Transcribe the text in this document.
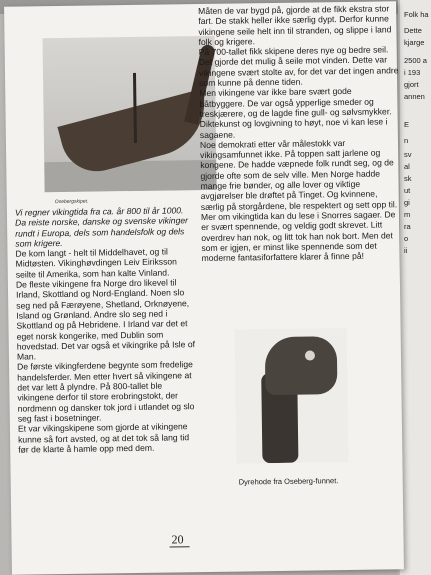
Folk ha
Dette
kjarge
2500 a
i 193
gjort
annen
E
n
sv
al
sk
ut
gi
m
ra
o
ii
Osebergskipet.

Vi regner vikingtida fra ca. år 800 til år 1000. Da reiste norske, danske og svenske vikinger rundt i Europa, dels som handelsfolk og dels som krigere.

De kom langt - helt til Middelhavet, og til Midtøsten. Vikinghøvdingen Leiv Eiriksson seilte til Amerika, som han kalte Vinland.

De fleste vikingene fra Norge dro likevel til Irland, Skottland og Nord-England. Noen slo seg ned på Færøyene, Shetland, Orknøyene, Island og Grønland. Andre slo seg ned i Skottland og på Hebridene. I Irland var det et eget norsk kongerike, med Dublin som hovedstad. Det var også et vikingrike på Isle of Man.

De første vikingferdene begynte som fredelige handelsferder. Men etter hvert så vikingene at det var lett å plyndre. På 800-tallet ble vikingene derfor til store erobringstokt, der nordmenn og dansker tok jord i utlandet og slo seg fast i bosetninger.

Et var vikingskipene som gjorde at vikingene kunne så fort avsted, og at det tok så lang tid før de klarte å hamle opp med dem.

Måten de var bygd på, gjorde at de fikk ekstra stor fart. De stakk heller ikke særlig dypt. Derfor kunne vikingene seile helt inn til stranden, og slippe i land folk og krigere.

På 700-tallet fikk skipene deres nye og bedre seil. Det gjorde det mulig å seile mot vinden. Dette var vikingene svært stolte av, for det var det ingen andre som kunne på denne tiden.

Men vikingene var ikke bare svært gode båtbyggere. De var også ypperlige smeder og treskjærere, og de lagde fine gull- og sølvsmykker. Diktekunst og lovgivning to høyt, noe vi kan lese i sagaene.

Noe demokrati etter vår målestokk var vikingsamfunnet ikke. På toppen satt jarlene og kongene. De hadde væpnede folk rundt seg, og de gjorde ofte som de selv ville. Men Norge hadde mange frie bønder, og alle lover og viktige avgjørelser ble drøftet på Tinget. Og kvinnene, særlig på storgårdene, ble respektert og sett opp til.

Mer om vikingtida kan du lese i Snorres sagaer. De er svært spennende, og veldig godt skrevet. Litt overdrev han nok, og litt tok han nok bort. Men det som er igjen, er minst like spennende som det moderne fantasiforfattere klarer å finne på!

Dyrehode fra Oseberg-funnet.
20
